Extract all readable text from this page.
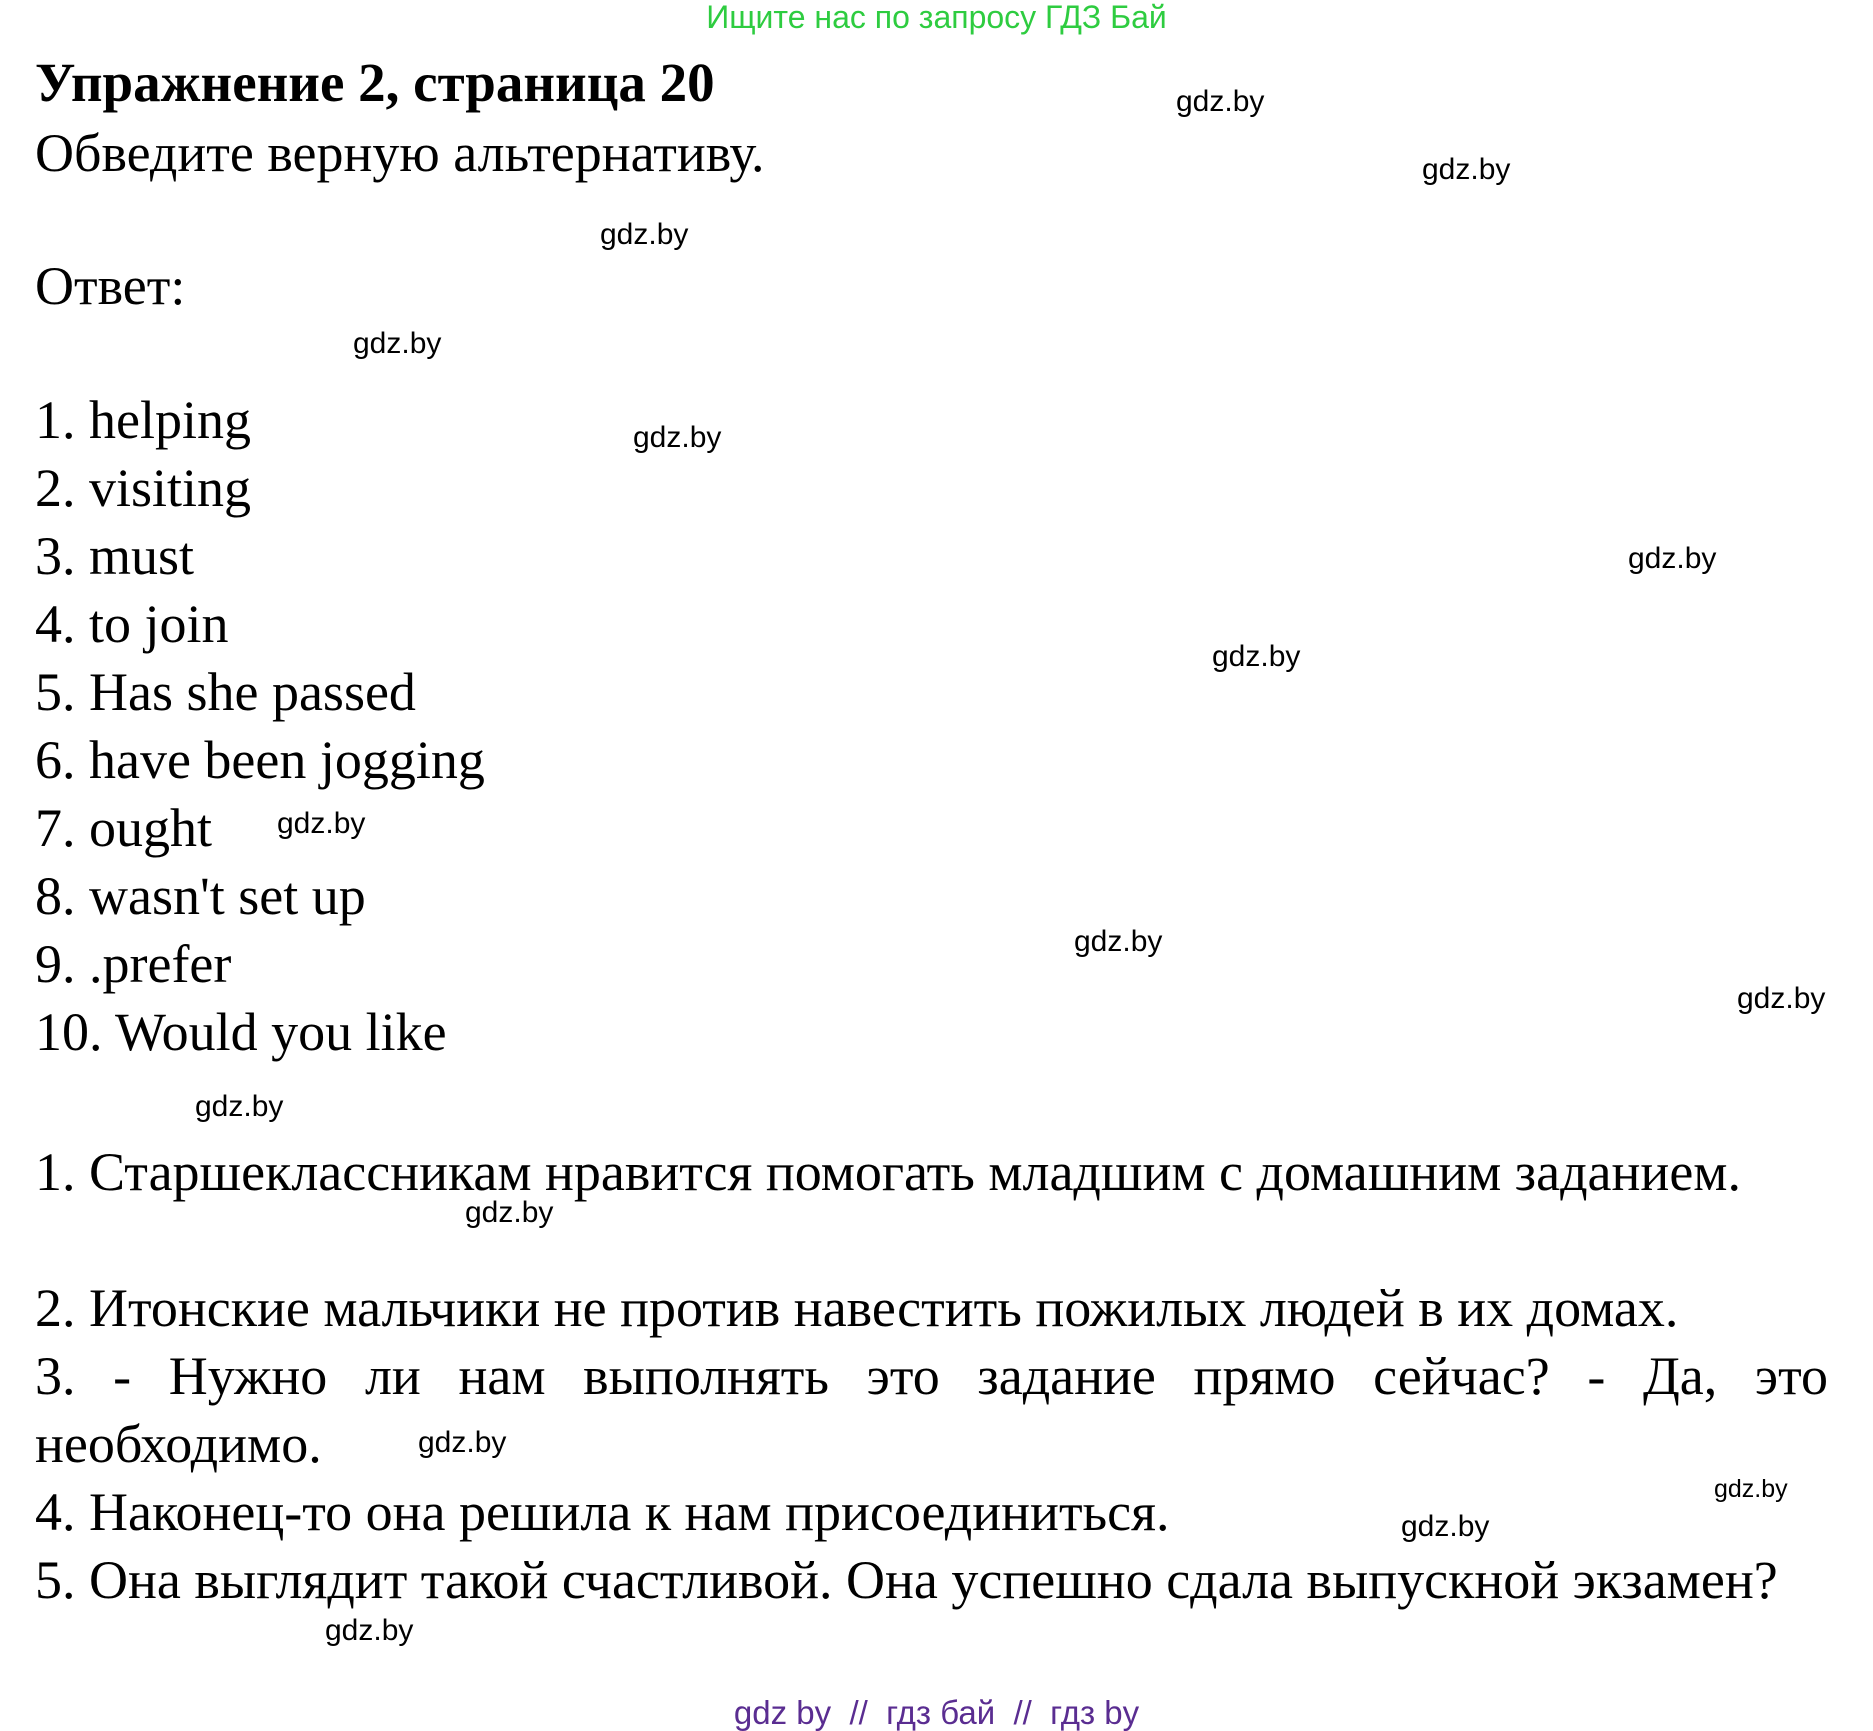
Ищите нас по запросу ГДЗ Бай
Упражнение 2, страница 20
Обведите верную альтернативу.
Ответ:
1. helping
2. visiting
3. must
4. to join
5. Has she passed
6. have been jogging
7. ought
8. wasn't set up
9. .prefer
10. Would you like

1. Старшеклассникам нравится помогать младшим с домашним заданием.

2. Итонские мальчики не против навестить пожилых людей в их домах.

3. - Нужно ли нам выполнять это задание прямо сейчас? - Да, это необходимо.

4. Наконец-то она решила к нам присоединиться.

5. Она выглядит такой счастливой. Она успешно сдала выпускной экзамен?

gdz.by
gdz.by
gdz.by
gdz.by
gdz.by
gdz.by
gdz.by
gdz.by
gdz.by
gdz.by
gdz.by
gdz.by
gdz.by
gdz.by
gdz.by
gdz.by
gdz by  //  гдз бай  //  гдз by
